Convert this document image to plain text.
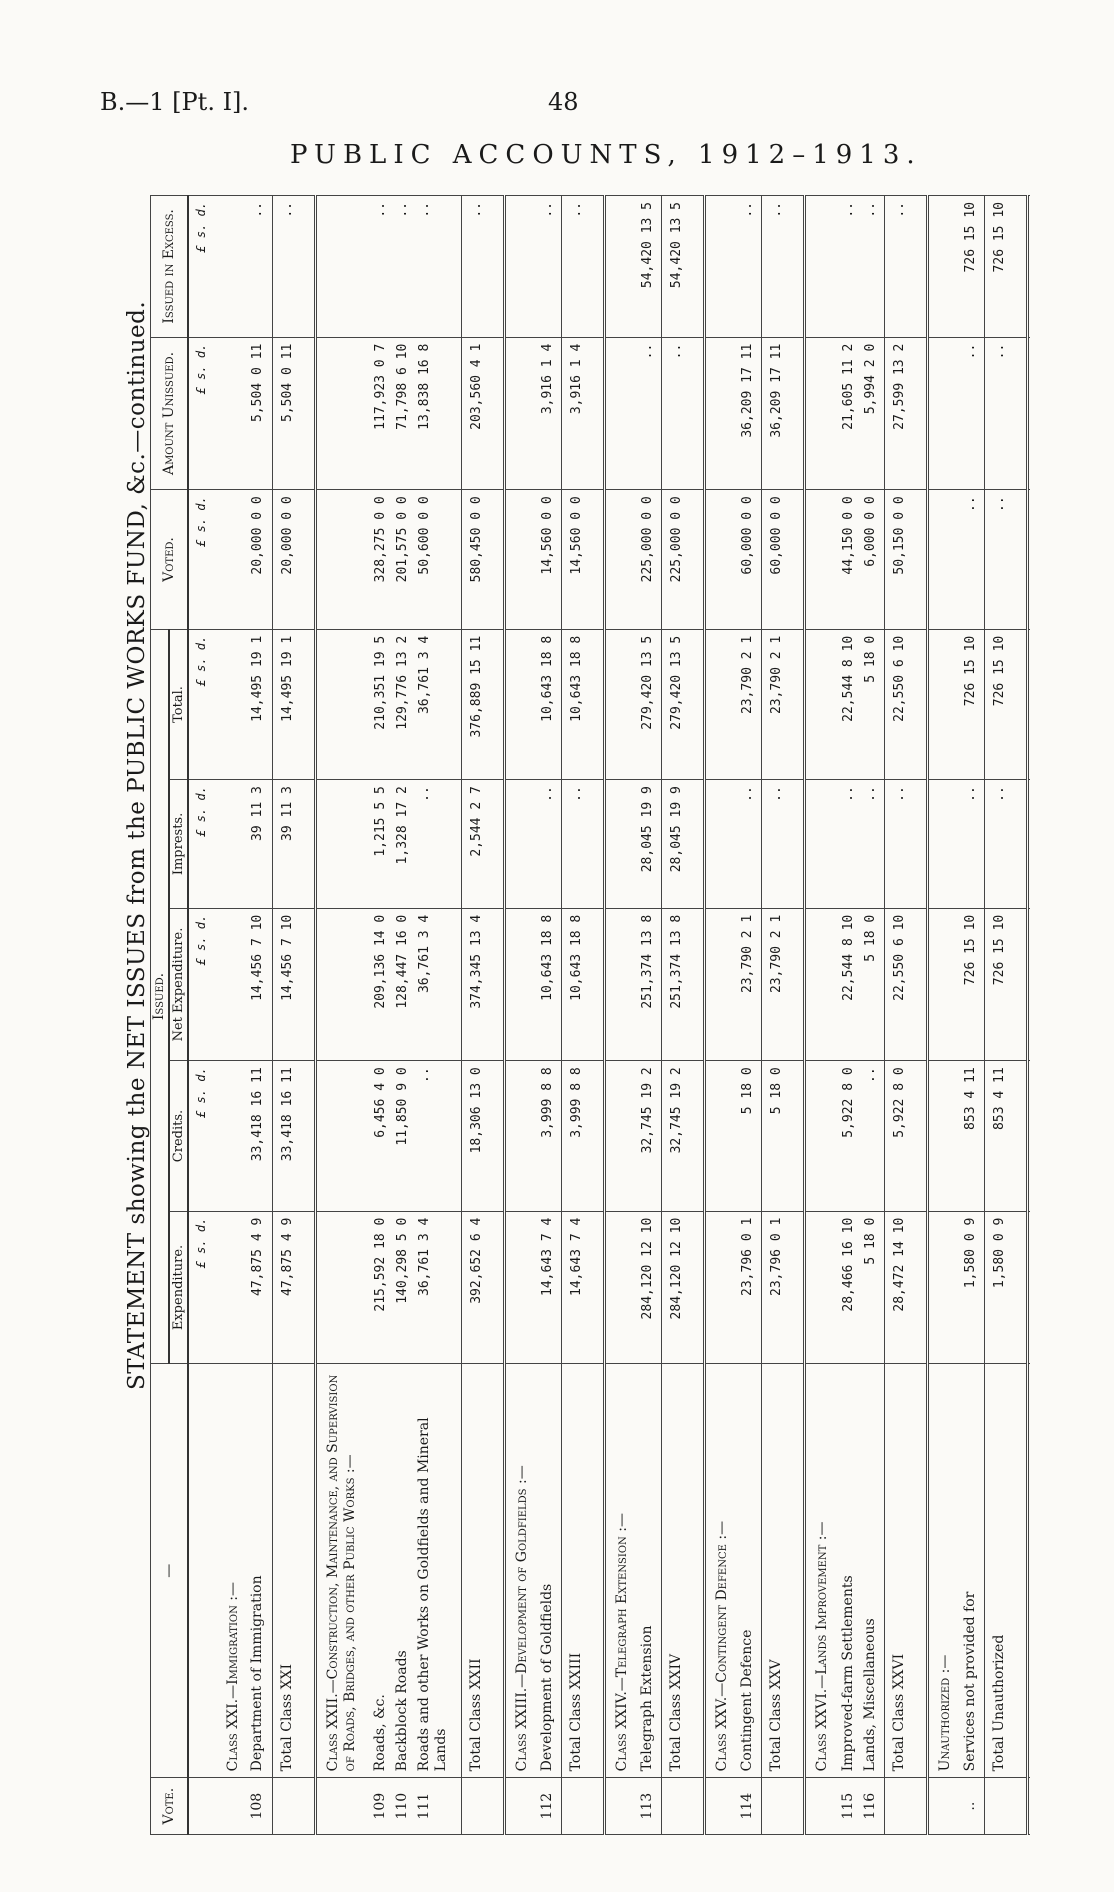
B.—1 [Pt. I].	48
PUBLIC ACCOUNTS, 1912–1913.
STATEMENT showing the NET ISSUES from the PUBLIC WORKS FUND, &c.—continued.
Vote.	—	Issued.					Voted.	Amount Unissued.	Issued in Excess.
		Expenditure.	Credits.	Net Expenditure.	Imprests.	Total.			
		£ s. d.	£ s. d.	£ s. d.	£ s. d.	£ s. d.	£ s. d.	£ s. d.	£ s. d.
	Class XXI.—Immigration :—								
108	Department of Immigration	47,875 4 9	33,418 16 11	14,456 7 10	39 11 3	14,495 19 1	20,000 0 0	5,504 0 11	..
	Total Class XXI	47,875 4 9	33,418 16 11	14,456 7 10	39 11 3	14,495 19 1	20,000 0 0	5,504 0 11	..
	Class XXII.—Construction, Maintenance, and Supervision of Roads, Bridges, and other Public Works :—								
109	Roads, &c.	215,592 18 0	6,456 4 0	209,136 14 0	1,215 5 5	210,351 19 5	328,275 0 0	117,923 0 7	..
110	Backblock Roads	140,298 5 0	11,850 9 0	128,447 16 0	1,328 17 2	129,776 13 2	201,575 0 0	71,798 6 10	..
111	Roads and other Works on Goldfields and Mineral Lands	36,761 3 4	..	36,761 3 4	..	36,761 3 4	50,600 0 0	13,838 16 8	..
	Total Class XXII	392,652 6 4	18,306 13 0	374,345 13 4	2,544 2 7	376,889 15 11	580,450 0 0	203,560 4 1	..
	Class XXIII.—Development of Goldfields :—								
112	Development of Goldfields	14,643 7 4	3,999 8 8	10,643 18 8	..	10,643 18 8	14,560 0 0	3,916 1 4	..
	Total Class XXIII	14,643 7 4	3,999 8 8	10,643 18 8	..	10,643 18 8	14,560 0 0	3,916 1 4	..
	Class XXIV.—Telegraph Extension :—								
113	Telegraph Extension	284,120 12 10	32,745 19 2	251,374 13 8	28,045 19 9	279,420 13 5	225,000 0 0	..	54,420 13 5
	Total Class XXIV	284,120 12 10	32,745 19 2	251,374 13 8	28,045 19 9	279,420 13 5	225,000 0 0	..	54,420 13 5
	Class XXV.—Contingent Defence :—								
114	Contingent Defence	23,796 0 1	5 18 0	23,790 2 1	..	23,790 2 1	60,000 0 0	36,209 17 11	..
	Total Class XXV	23,796 0 1	5 18 0	23,790 2 1	..	23,790 2 1	60,000 0 0	36,209 17 11	..
	Class XXVI.—Lands Improvement :—								
115	Improved-farm Settlements	28,466 16 10	5,922 8 0	22,544 8 10	..	22,544 8 10	44,150 0 0	21,605 11 2	..
116	Lands, Miscellaneous	5 18 0	..	5 18 0	..	5 18 0	6,000 0 0	5,994 2 0	..
	Total Class XXVI	28,472 14 10	5,922 8 0	22,550 6 10	..	22,550 6 10	50,150 0 0	27,599 13 2	..
	Unauthorized :—								
..	Services not provided for	1,580 0 9	853 4 11	726 15 10	..	726 15 10	..	..	726 15 10
	Total Unauthorized	1,580 0 9	853 4 11	726 15 10	..	726 15 10	..	..	726 15 10
